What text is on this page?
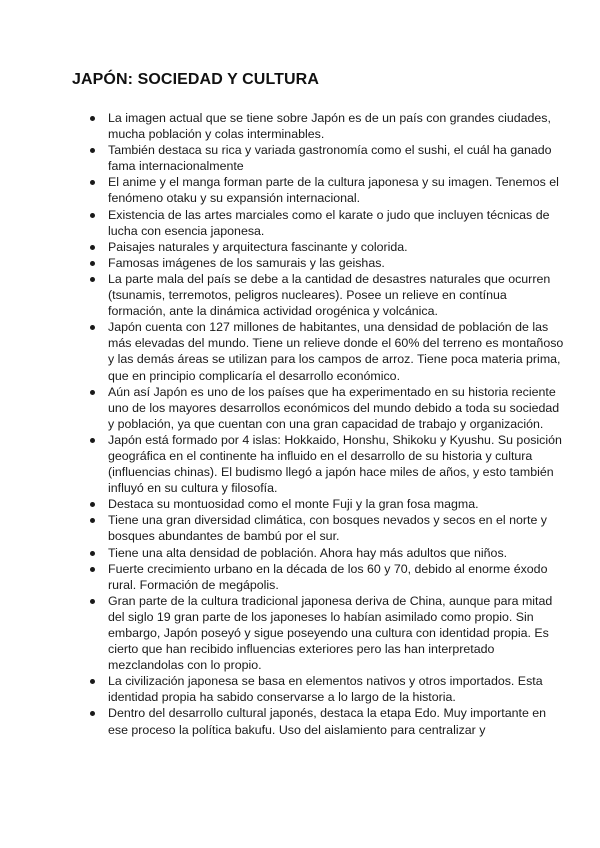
JAPÓN: SOCIEDAD Y CULTURA
La imagen actual que se tiene sobre Japón es de un país con grandes ciudades, mucha población y colas interminables.
También destaca su rica y variada gastronomía como el sushi, el cuál ha ganado fama internacionalmente
El anime y el manga forman parte de la cultura japonesa y su imagen. Tenemos el fenómeno otaku y su expansión internacional.
Existencia de las artes marciales como el karate o judo que incluyen técnicas de lucha con esencia japonesa.
Paisajes naturales y arquitectura fascinante y colorida.
Famosas imágenes de los samurais y las geishas.
La parte mala del país se debe a la cantidad de desastres naturales que ocurren (tsunamis, terremotos, peligros nucleares). Posee un relieve en contínua formación, ante la dinámica actividad orogénica y volcánica.
Japón cuenta con 127 millones de habitantes, una densidad de población de las más elevadas del mundo. Tiene un relieve donde el 60% del terreno es montañoso y las demás áreas se utilizan para los campos de arroz. Tiene poca materia prima, que en principio complicaría el desarrollo económico.
Aún así Japón es uno de los países que ha experimentado en su historia reciente uno de los mayores desarrollos económicos del mundo debido a toda su sociedad y población, ya que cuentan con una gran capacidad de trabajo y organización.
Japón está formado por 4 islas: Hokkaido, Honshu, Shikoku y Kyushu. Su posición geográfica en el continente ha influido en el desarrollo de su historia y cultura (influencias chinas). El budismo llegó a japón hace miles de años, y esto también influyó en su cultura y filosofía.
Destaca su montuosidad como el monte Fuji y la gran fosa magma.
Tiene una gran diversidad climática, con bosques nevados y secos en el norte y bosques abundantes de bambú por el sur.
Tiene una alta densidad de población. Ahora hay más adultos que niños.
Fuerte crecimiento urbano en la década de los 60 y 70, debido al enorme éxodo rural. Formación de megápolis.
Gran parte de la cultura tradicional japonesa deriva de China, aunque para mitad del siglo 19 gran parte de los japoneses lo habían asimilado como propio. Sin embargo, Japón poseyó y sigue poseyendo una cultura con identidad propia. Es cierto que han recibido influencias exteriores pero las han interpretado mezclandolas con lo propio.
La civilización japonesa se basa en elementos nativos y otros importados. Esta identidad propia ha sabido conservarse a lo largo de la historia.
Dentro del desarrollo cultural japonés, destaca la etapa Edo. Muy importante en ese proceso la política bakufu. Uso del aislamiento para centralizar y
